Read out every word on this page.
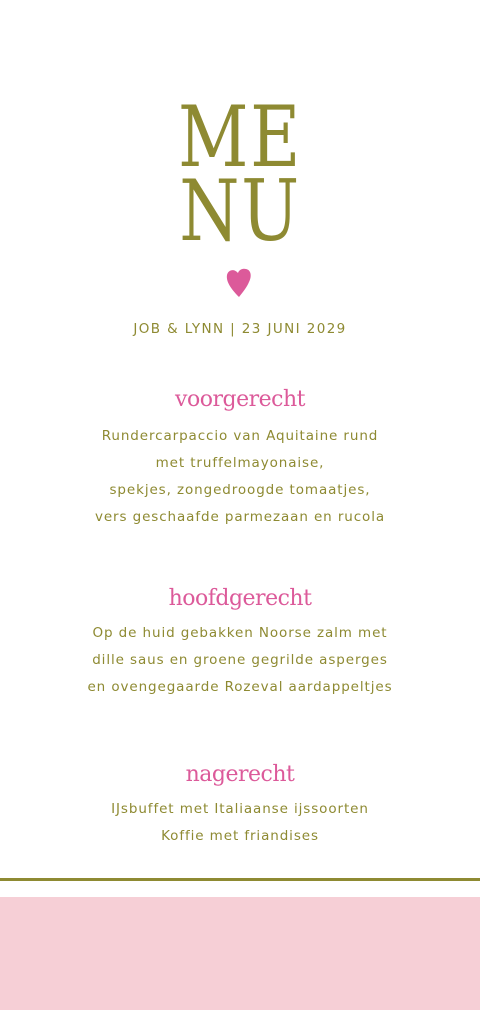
ME
NU
JOB & LYNN | 23 JUNI 2029
voorgerecht
Rundercarpaccio van Aquitaine rund
met truffelmayonaise,
spekjes, zongedroogde tomaatjes,
vers geschaafde parmezaan en rucola
hoofdgerecht
Op de huid gebakken Noorse zalm met
dille saus en groene gegrilde asperges
en ovengegaarde Rozeval aardappeltjes
nagerecht
IJsbuffet met Italiaanse ijssoorten
Koffie met friandises
